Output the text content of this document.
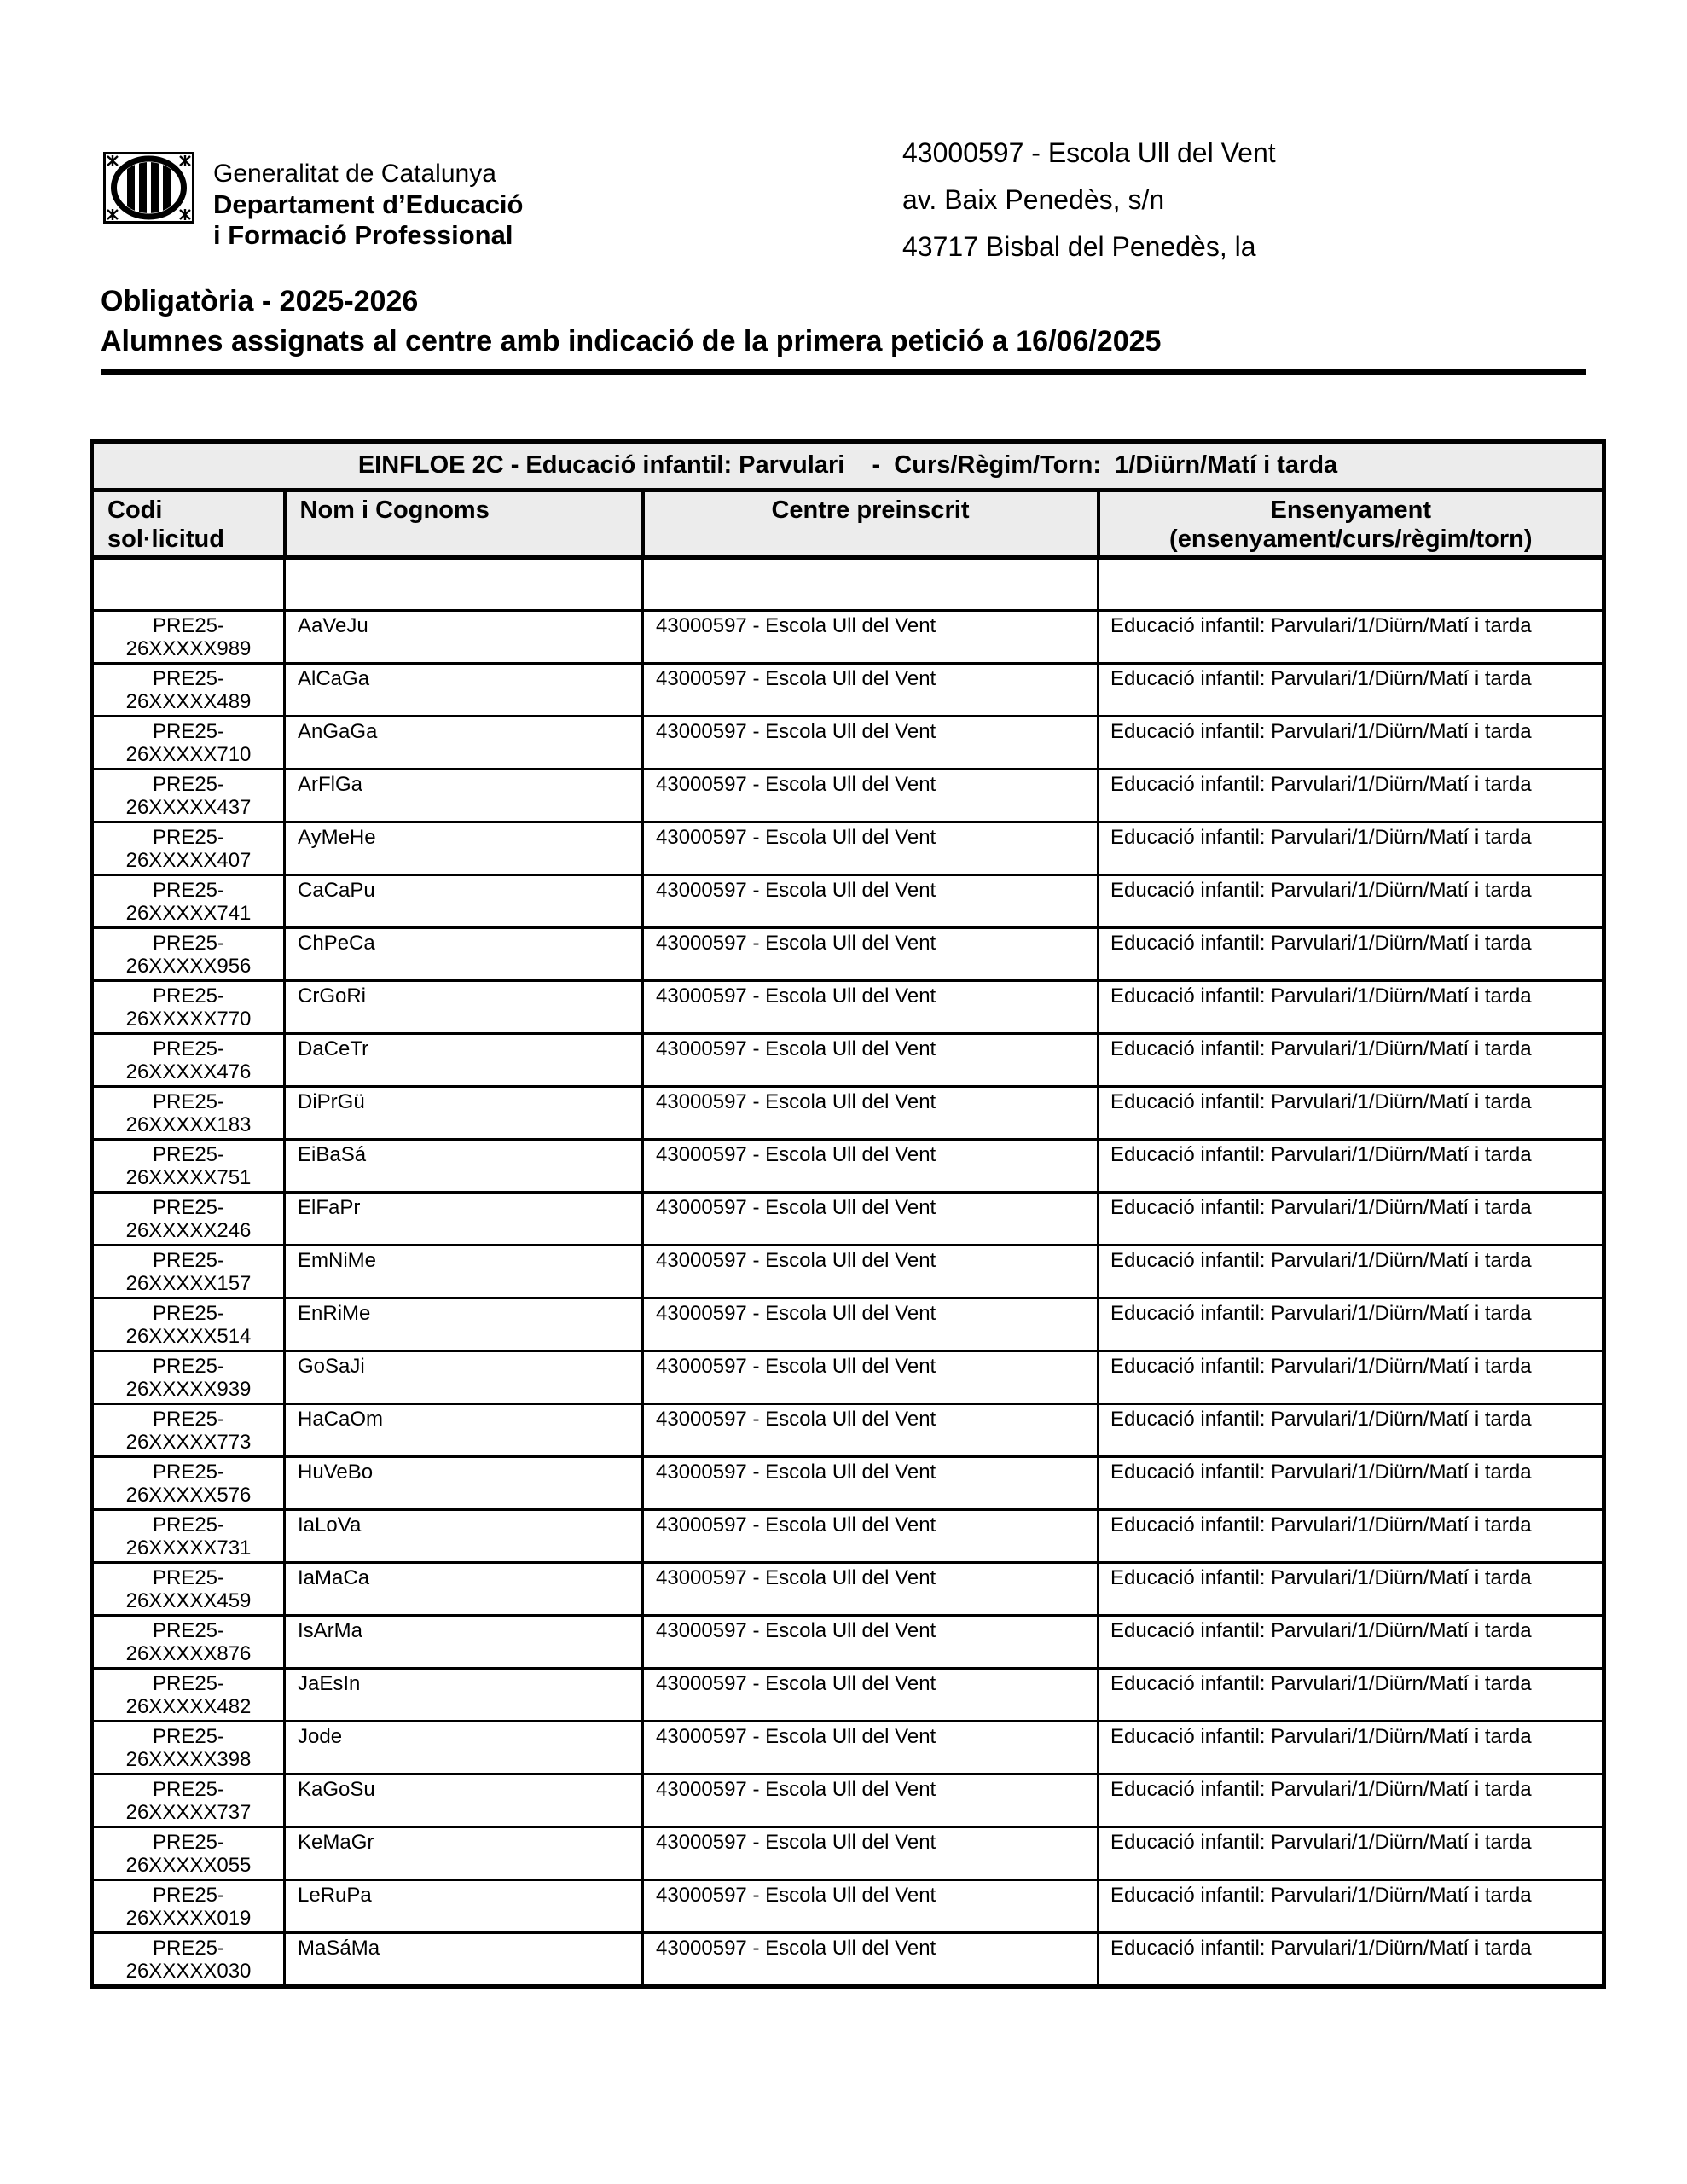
Generalitat de Catalunya
Departament d’Educació
i Formació Professional
43000597 - Escola Ull del Vent
av. Baix Penedès, s/n
43717 Bisbal del Penedès, la
Obligatòria - 2025-2026
Alumnes assignats al centre amb indicació de la primera petició a 16/06/2025
EINFLOE 2C - Educació infantil: Parvulari    -  Curs/Règim/Torn:  1/Diürn/Matí i tarda			
Codi
sol·licitud	Nom i Cognoms	Centre preinscrit	Ensenyament
(ensenyament/curs/règim/torn)

PRE25-
26XXXXX989	AaVeJu	43000597 - Escola Ull del Vent	Educació infantil: Parvulari/1/Diürn/Matí i tarda

PRE25-
26XXXXX489	AlCaGa	43000597 - Escola Ull del Vent	Educació infantil: Parvulari/1/Diürn/Matí i tarda

PRE25-
26XXXXX710	AnGaGa	43000597 - Escola Ull del Vent	Educació infantil: Parvulari/1/Diürn/Matí i tarda

PRE25-
26XXXXX437	ArFlGa	43000597 - Escola Ull del Vent	Educació infantil: Parvulari/1/Diürn/Matí i tarda

PRE25-
26XXXXX407	AyMeHe	43000597 - Escola Ull del Vent	Educació infantil: Parvulari/1/Diürn/Matí i tarda

PRE25-
26XXXXX741	CaCaPu	43000597 - Escola Ull del Vent	Educació infantil: Parvulari/1/Diürn/Matí i tarda

PRE25-
26XXXXX956	ChPeCa	43000597 - Escola Ull del Vent	Educació infantil: Parvulari/1/Diürn/Matí i tarda

PRE25-
26XXXXX770	CrGoRi	43000597 - Escola Ull del Vent	Educació infantil: Parvulari/1/Diürn/Matí i tarda

PRE25-
26XXXXX476	DaCeTr	43000597 - Escola Ull del Vent	Educació infantil: Parvulari/1/Diürn/Matí i tarda

PRE25-
26XXXXX183	DiPrGü	43000597 - Escola Ull del Vent	Educació infantil: Parvulari/1/Diürn/Matí i tarda

PRE25-
26XXXXX751	EiBaSá	43000597 - Escola Ull del Vent	Educació infantil: Parvulari/1/Diürn/Matí i tarda

PRE25-
26XXXXX246	ElFaPr	43000597 - Escola Ull del Vent	Educació infantil: Parvulari/1/Diürn/Matí i tarda

PRE25-
26XXXXX157	EmNiMe	43000597 - Escola Ull del Vent	Educació infantil: Parvulari/1/Diürn/Matí i tarda

PRE25-
26XXXXX514	EnRiMe	43000597 - Escola Ull del Vent	Educació infantil: Parvulari/1/Diürn/Matí i tarda

PRE25-
26XXXXX939	GoSaJi	43000597 - Escola Ull del Vent	Educació infantil: Parvulari/1/Diürn/Matí i tarda

PRE25-
26XXXXX773	HaCaOm	43000597 - Escola Ull del Vent	Educació infantil: Parvulari/1/Diürn/Matí i tarda

PRE25-
26XXXXX576	HuVeBo	43000597 - Escola Ull del Vent	Educació infantil: Parvulari/1/Diürn/Matí i tarda

PRE25-
26XXXXX731	IaLoVa	43000597 - Escola Ull del Vent	Educació infantil: Parvulari/1/Diürn/Matí i tarda

PRE25-
26XXXXX459	IaMaCa	43000597 - Escola Ull del Vent	Educació infantil: Parvulari/1/Diürn/Matí i tarda

PRE25-
26XXXXX876	IsArMa	43000597 - Escola Ull del Vent	Educació infantil: Parvulari/1/Diürn/Matí i tarda

PRE25-
26XXXXX482	JaEsIn	43000597 - Escola Ull del Vent	Educació infantil: Parvulari/1/Diürn/Matí i tarda

PRE25-
26XXXXX398	Jode	43000597 - Escola Ull del Vent	Educació infantil: Parvulari/1/Diürn/Matí i tarda

PRE25-
26XXXXX737	KaGoSu	43000597 - Escola Ull del Vent	Educació infantil: Parvulari/1/Diürn/Matí i tarda

PRE25-
26XXXXX055	KeMaGr	43000597 - Escola Ull del Vent	Educació infantil: Parvulari/1/Diürn/Matí i tarda

PRE25-
26XXXXX019	LeRuPa	43000597 - Escola Ull del Vent	Educació infantil: Parvulari/1/Diürn/Matí i tarda

PRE25-
26XXXXX030	MaSáMa	43000597 - Escola Ull del Vent	Educació infantil: Parvulari/1/Diürn/Matí i tarda
